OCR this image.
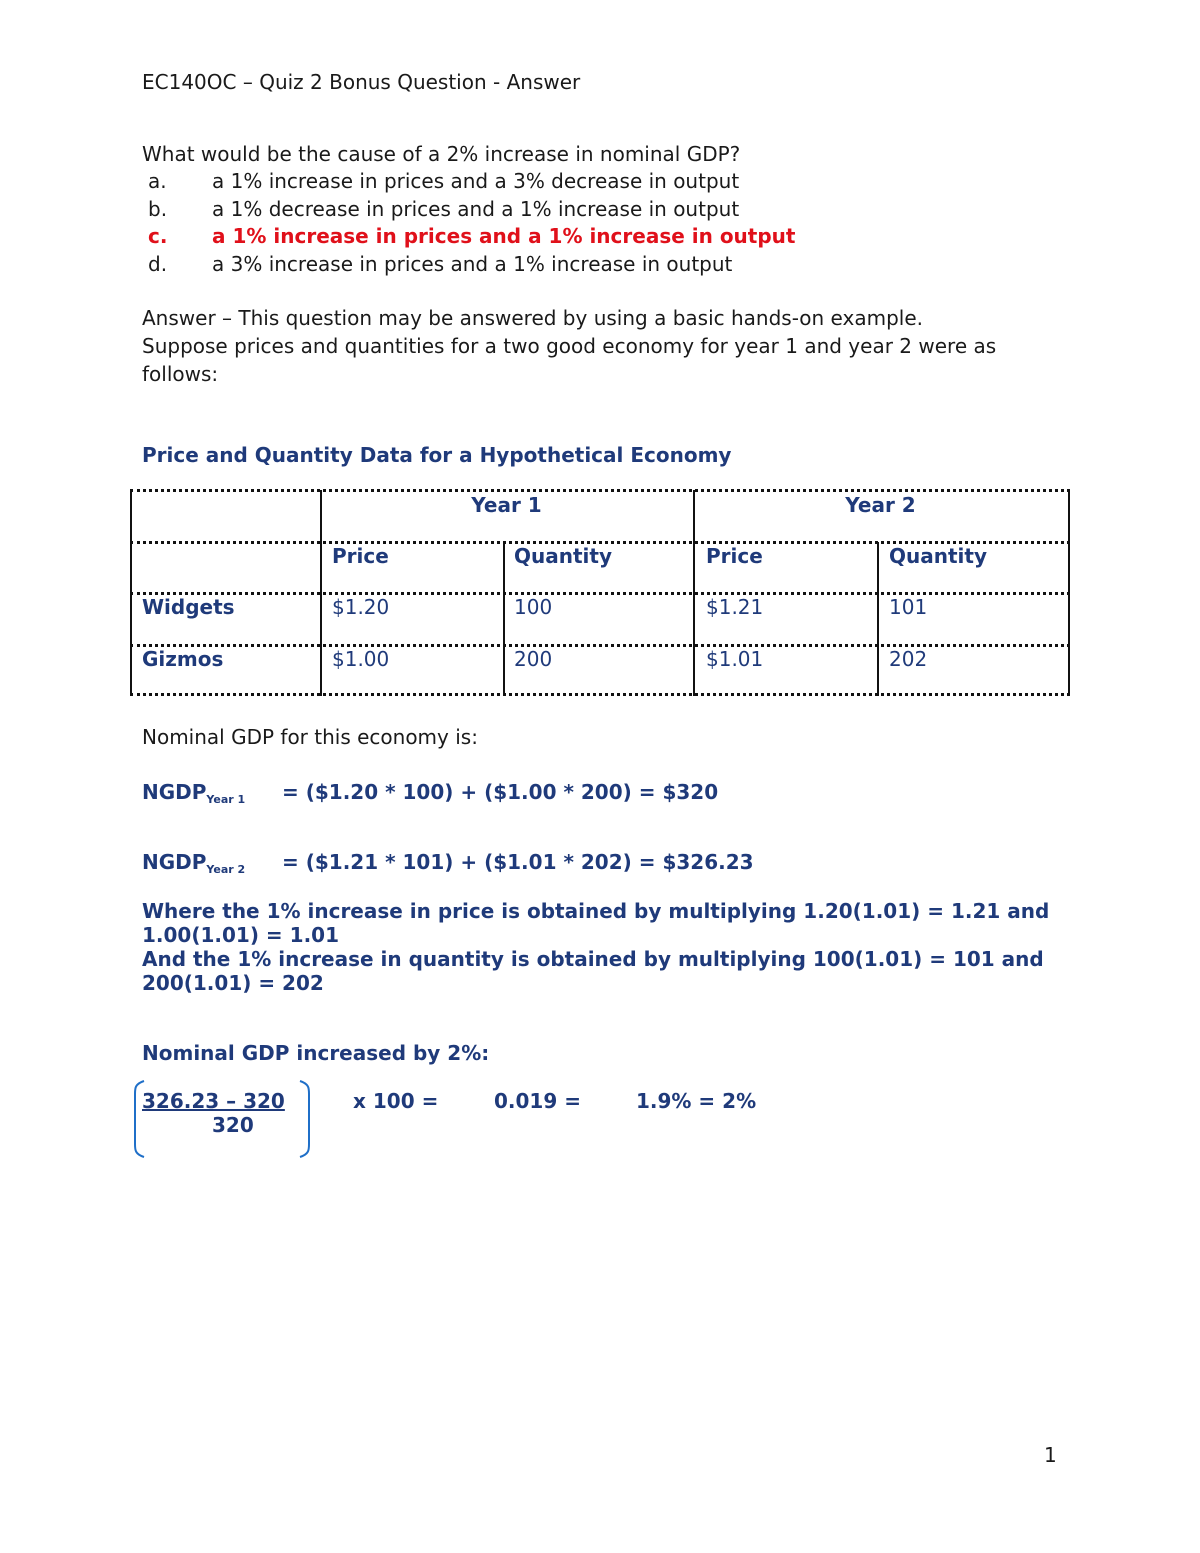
EC140OC – Quiz 2 Bonus Question - Answer
What would be the cause of a 2% increase in nominal GDP?
a. a 1% increase in prices and a 3% decrease in output
b. a 1% decrease in prices and a 1% increase in output
c. a 1% increase in prices and a 1% increase in output
d. a 3% increase in prices and a 1% increase in output
Answer – This question may be answered by using a basic hands-on example.
Suppose prices and quantities for a two good economy for year 1 and year 2 were as
follows:
Price and Quantity Data for a Hypothetical Economy
Year 1	Year 2
Price	Quantity	Price	Quantity
Widgets	$1.20	100	$1.21	101
Gizmos	$1.00	200	$1.01	202
Nominal GDP for this economy is:
$NGDP_{Year 1}$ = ($1.20 * 100) + ($1.00 * 200) = $320
$NGDP_{Year 2}$ = ($1.21 * 101) + ($1.01 * 202) = $326.23
Where the 1% increase in price is obtained by multiplying 1.20(1.01) = 1.21 and
1.00(1.01) = 1.01
And the 1% increase in quantity is obtained by multiplying 100(1.01) = 101 and
200(1.01) = 202
Nominal GDP increased by 2%:
326.23 – 320
320
x 100 =	0.019 =	1.9% = 2%
1
